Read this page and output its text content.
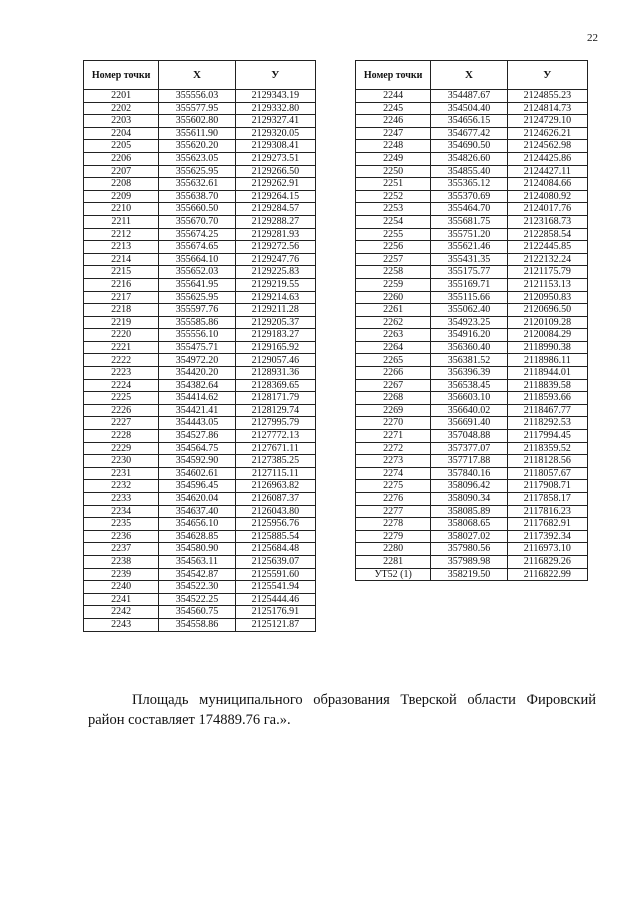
22
Номер точки	X	У
2201	355556.03	2129343.19
2202	355577.95	2129332.80
2203	355602.80	2129327.41
2204	355611.90	2129320.05
2205	355620.20	2129308.41
2206	355623.05	2129273.51
2207	355625.95	2129266.50
2208	355632.61	2129262.91
2209	355638.70	2129264.15
2210	355660.50	2129284.57
2211	355670.70	2129288.27
2212	355674.25	2129281.93
2213	355674.65	2129272.56
2214	355664.10	2129247.76
2215	355652.03	2129225.83
2216	355641.95	2129219.55
2217	355625.95	2129214.63
2218	355597.76	2129211.28
2219	355585.86	2129205.37
2220	355556.10	2129183.27
2221	355475.71	2129165.92
2222	354972.20	2129057.46
2223	354420.20	2128931.36
2224	354382.64	2128369.65
2225	354414.62	2128171.79
2226	354421.41	2128129.74
2227	354443.05	2127995.79
2228	354527.86	2127772.13
2229	354564.75	2127671.11
2230	354592.90	2127385.25
2231	354602.61	2127115.11
2232	354596.45	2126963.82
2233	354620.04	2126087.37
2234	354637.40	2126043.80
2235	354656.10	2125956.76
2236	354628.85	2125885.54
2237	354580.90	2125684.48
2238	354563.11	2125639.07
2239	354542.87	2125591.60
2240	354522.30	2125541.94
2241	354522.25	2125444.46
2242	354560.75	2125176.91
2243	354558.86	2125121.87
Номер точки	X	У
2244	354487.67	2124855.23
2245	354504.40	2124814.73
2246	354656.15	2124729.10
2247	354677.42	2124626.21
2248	354690.50	2124562.98
2249	354826.60	2124425.86
2250	354855.40	2124427.11
2251	355365.12	2124084.66
2252	355370.69	2124080.92
2253	355464.70	2124017.76
2254	355681.75	2123168.73
2255	355751.20	2122858.54
2256	355621.46	2122445.85
2257	355431.35	2122132.24
2258	355175.77	2121175.79
2259	355169.71	2121153.13
2260	355115.66	2120950.83
2261	355062.40	2120696.50
2262	354923.25	2120109.28
2263	354916.20	2120084.29
2264	356360.40	2118990.38
2265	356381.52	2118986.11
2266	356396.39	2118944.01
2267	356538.45	2118839.58
2268	356603.10	2118593.66
2269	356640.02	2118467.77
2270	356691.40	2118292.53
2271	357048.88	2117994.45
2272	357377.07	2118359.52
2273	357717.88	2118128.56
2274	357840.16	2118057.67
2275	358096.42	2117908.71
2276	358090.34	2117858.17
2277	358085.89	2117816.23
2278	358068.65	2117682.91
2279	358027.02	2117392.34
2280	357980.56	2116973.10
2281	357989.98	2116829.26
УТ52 (1)	358219.50	2116822.99
Площадь муниципального образования Тверской области Фировский район составляет 174889.76 га.».
